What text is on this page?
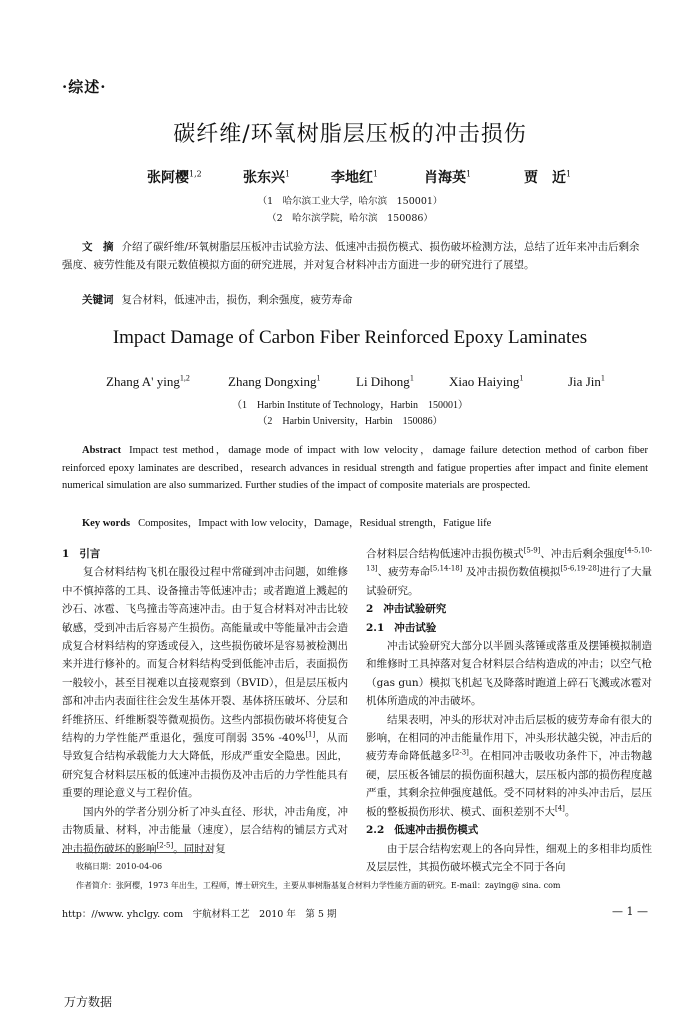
·综述·
碳纤维/环氧树脂层压板的冲击损伤
张阿樱$^{1,2}$	张东兴$^1$	李地红$^1$	肖海英$^1$	贾　近$^1$
（1　哈尔滨工业大学，哈尔滨　150001）
（2　哈尔滨学院，哈尔滨　150086）
文　摘 介绍了碳纤维/环氧树脂层压板冲击试验方法、低速冲击损伤模式、损伤破坏检测方法，总结了近年来冲击后剩余强度、疲劳性能及有限元数值模拟方面的研究进展，并对复合材料冲击方面进一步的研究进行了展望。
关键词 复合材料，低速冲击，损伤，剩余强度，疲劳寿命
Impact Damage of Carbon Fiber Reinforced Epoxy Laminates
Zhang A' ying$^{1,2}$	Zhang Dongxing$^1$	Li Dihong$^1$	Xiao Haiying$^1$	Jia Jin$^1$
（1　Harbin Institute of Technology，Harbin　150001）
（2　Harbin University，Harbin　150086）
Abstract Impact test method，damage mode of impact with low velocity，damage failure detection method of carbon fiber reinforced epoxy laminates are described，research advances in residual strength and fatigue properties after impact and finite element numerical simulation are also summarized. Further studies of the impact of composite materials are prospected.
Key words Composites，Impact with low velocity，Damage，Residual strength，Fatigue life
1 引言

复合材料结构飞机在服役过程中常碰到冲击问题，如维修中不慎掉落的工具、设备撞击等低速冲击；或者跑道上溅起的沙石、冰雹、飞鸟撞击等高速冲击。由于复合材料对冲击比较敏感，受到冲击后容易产生损伤。高能量或中等能量冲击会造成复合材料结构的穿透或侵入，这些损伤破坏是容易被检测出来并进行修补的。而复合材料结构受到低能冲击后，表面损伤一般较小，甚至目视难以直接观察到（BVID），但是层压板内部和冲击内表面往往会发生基体开裂、基体挤压破坏、分层和纤维挤压、纤维断裂等微观损伤。这些内部损伤破坏将使复合结构的力学性能严重退化，强度可削弱 35% -40%[1]，从而导致复合结构承载能力大大降低，形成严重安全隐患。因此，研究复合材料层压板的低速冲击损伤及冲击后的力学性能具有重要的理论意义与工程价值。

国内外的学者分别分析了冲头直径、形状，冲击角度，冲击物质量、材料，冲击能量（速度），层合结构的铺层方式对冲击损伤破坏的影响[2-5]。同时对复

合材料层合结构低速冲击损伤模式[5-9]、冲击后剩余强度[4-5,10-13]、疲劳寿命[5,14-18] 及冲击损伤数值模拟[5-6,19-28]进行了大量试验研究。

2 冲击试验研究
2.1 冲击试验

冲击试验研究大部分以半圆头落锤或落重及摆锤模拟制造和维修时工具掉落对复合材料层合结构造成的冲击；以空气枪（gas gun）模拟飞机起飞及降落时跑道上碎石飞溅或冰雹对机体所造成的冲击破坏。

结果表明，冲头的形状对冲击后层板的疲劳寿命有很大的影响，在相同的冲击能量作用下，冲头形状越尖锐，冲击后的疲劳寿命降低越多[2-3]。在相同冲击吸收功条件下，冲击物越硬，层压板各铺层的损伤面积越大，层压板内部的损伤程度越严重，其剩余拉伸强度越低。受不同材料的冲头冲击后，层压板的整板损伤形状、模式、面积差别不大[4]。

2.2 低速冲击损伤模式

由于层合结构宏观上的各向异性，细观上的多相非均质性及层层性，其损伤破坏模式完全不同于各向

收稿日期：2010-04-06
作者简介：张阿樱，1973 年出生，工程师，博士研究生，主要从事树脂基复合材料力学性能方面的研究。E-mail：zaying@ sina. com
http：//www. yhclgy. com　宇航材料工艺　2010 年　第 5 期	— 1 —
万方数据
